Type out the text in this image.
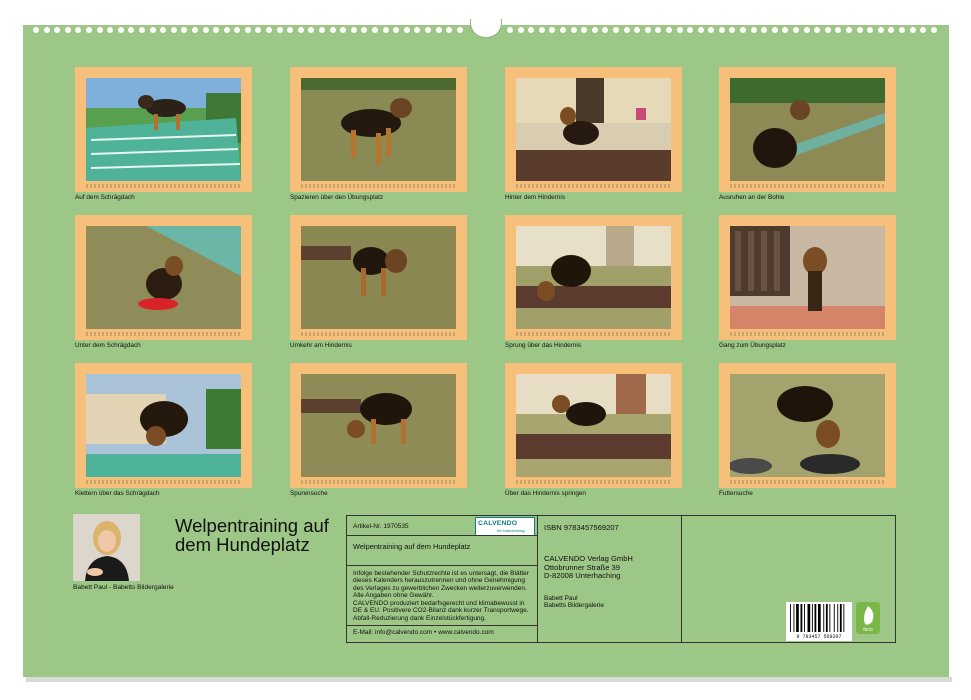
Auf dem Schrägdach	Spazieren über den Übungsplatz	Hinter dem Hindernis	Ausruhen an der Bohle
Unter dem Schrägdach	Umkehr am Hindernis	Sprung über das Hindernis	Gang zum Übungsplatz
Klettern über das Schrägdach	Spurensuche	Über das Hindernis springen	Futtersuche
Welpentraining auf dem Hundeplatz
Babett Paul - Babetts Bildergalerie
Artikel-Nr. 1970535	CALVENDO
Der Kalenderverlag
Welpentraining auf dem Hundeplatz
Infolge bestehender Schutzrechte ist es untersagt, die Blätter dieses Kalenders herauszutrennen und ohne Genehmigung des Verlages zu gewerblichen Zwecken weiterzuverwenden. Alle Angaben ohne Gewähr.
CALVENDO produziert bedarfsgerecht und klimabewusst in DE & EU. Positivere CO2-Bilanz dank kurzer Transportwege. Abfall-Reduzierung dank Einzelstückfertigung.
E-Mail: info@calvendo.com • www.calvendo.com
ISBN 9783457569207
CALVENDO Verlag GmbH
Ottobrunner Straße 39
D-82008 Unterhaching
Babett Paul
Babetts Bildergalerie
9 783457 569207
feco
